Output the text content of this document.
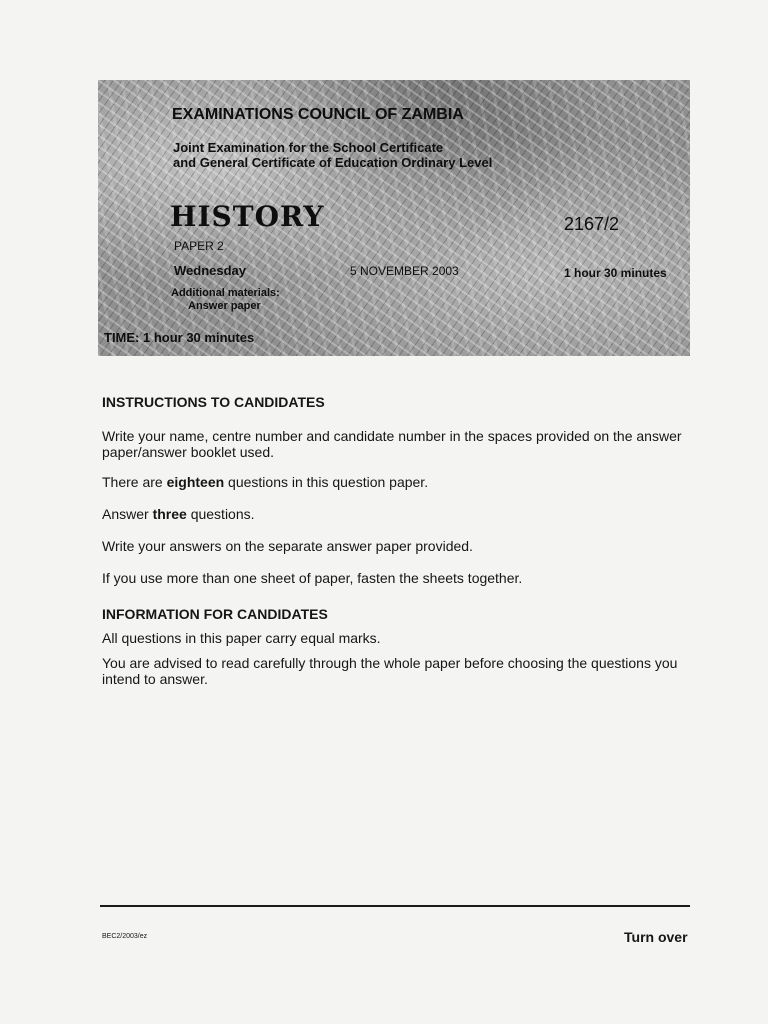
EXAMINATIONS COUNCIL OF ZAMBIA
Joint Examination for the School Certificate
and General Certificate of Education Ordinary Level
HISTORY	2167/2
PAPER 2
Wednesday	5 NOVEMBER 2003	1 hour 30 minutes
Additional materials:
Answer paper
TIME: 1 hour 30 minutes
INSTRUCTIONS TO CANDIDATES
Write your name, centre number and candidate number in the spaces provided on the answer paper/answer booklet used.
There are eighteen questions in this question paper.
Answer three questions.
Write your answers on the separate answer paper provided.
If you use more than one sheet of paper, fasten the sheets together.
INFORMATION FOR CANDIDATES
All questions in this paper carry equal marks.
You are advised to read carefully through the whole paper before choosing the questions you intend to answer.
BEC2/2003/ez	Turn over
